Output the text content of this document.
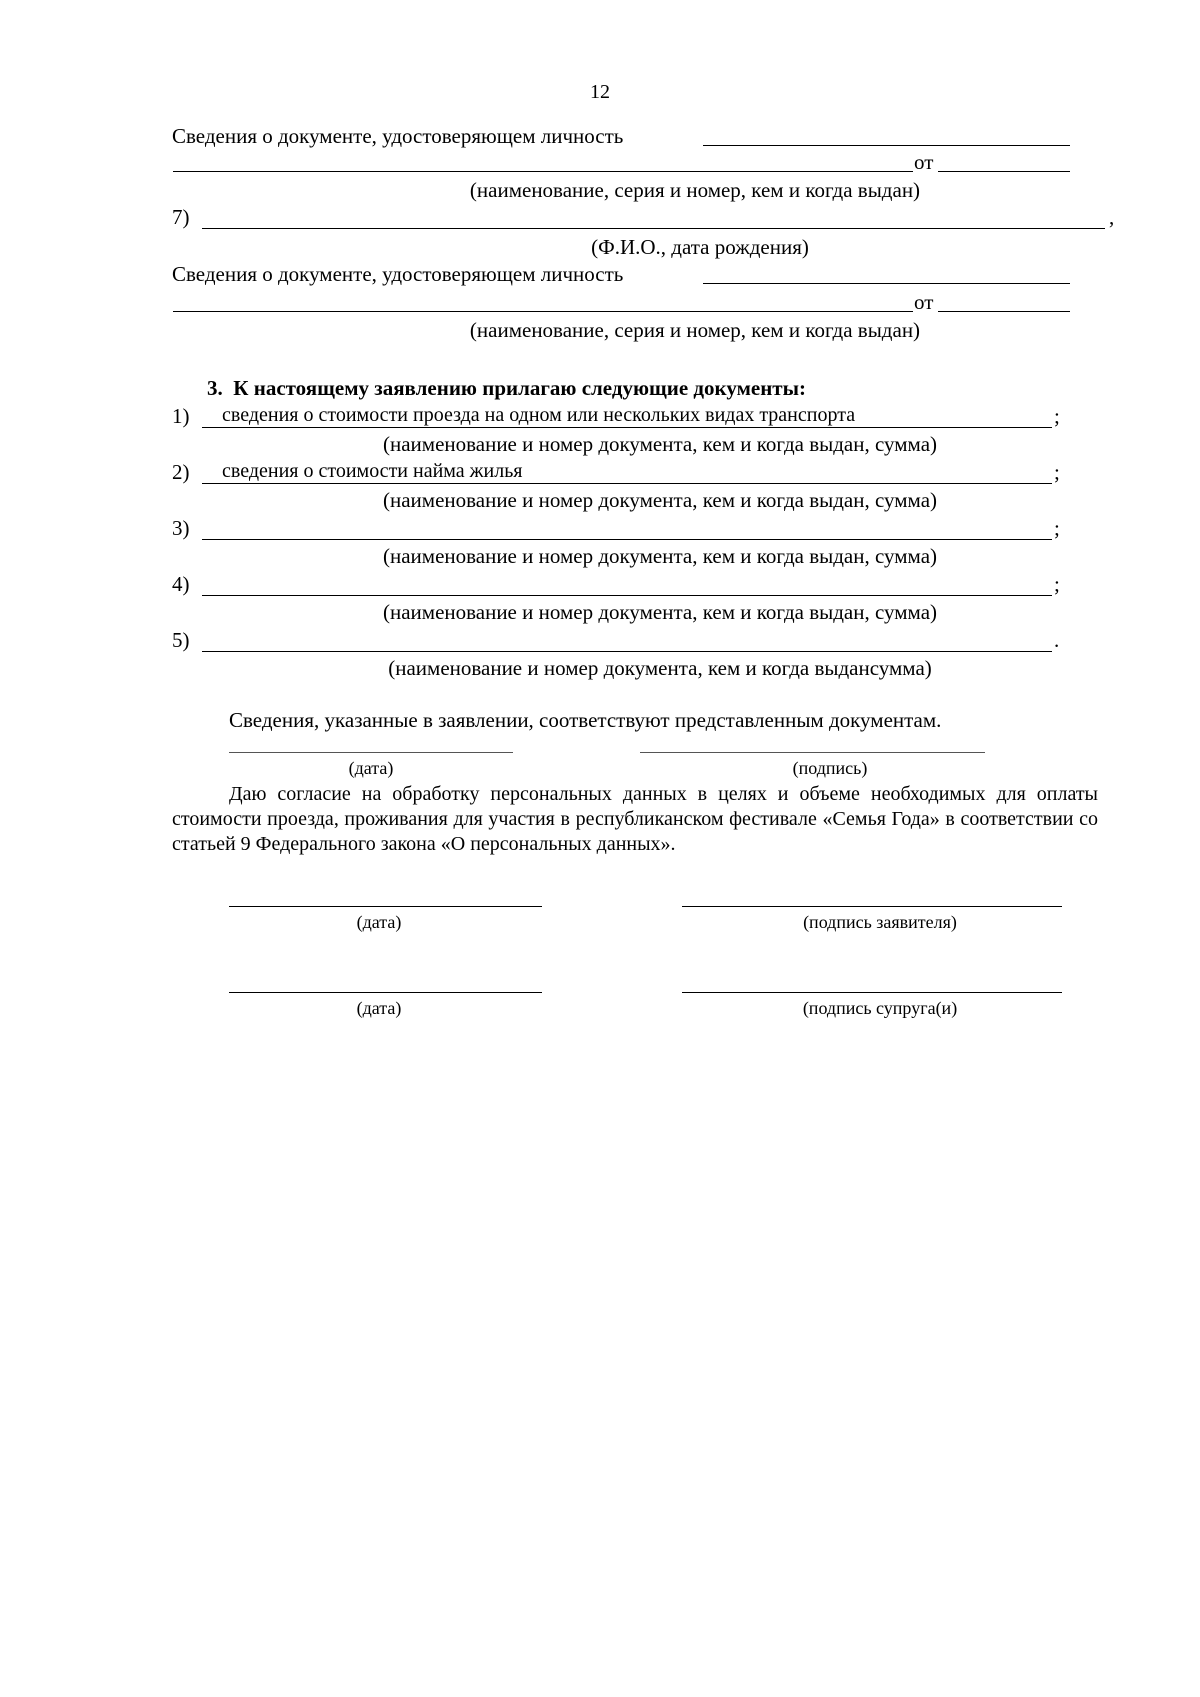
12
Сведения о документе, удостоверяющем личность
от
(наименование, серия и номер, кем и когда выдан)
7)	,
(Ф.И.О., дата рождения)
Сведения о документе, удостоверяющем личность
от
(наименование, серия и номер, кем и когда выдан)
3. К настоящему заявлению прилагаю следующие документы:
1) сведения о стоимости проезда на одном или нескольких видах транспорта	;
(наименование и номер документа, кем и когда выдан, сумма)
2) сведения о стоимости найма жилья	;
(наименование и номер документа, кем и когда выдан, сумма)
3)	;
(наименование и номер документа, кем и когда выдан, сумма)
4)	;
(наименование и номер документа, кем и когда выдан, сумма)
5)	.
(наименование и номер документа, кем и когда выдансумма)
Сведения, указанные в заявлении, соответствуют представленным документам.
(дата)	(подпись)
Даю согласие на обработку персональных данных в целях и объеме необходимых для оплаты стоимости проезда, проживания для участия в республиканском фестивале «Семья Года» в соответствии со статьей 9 Федерального закона «О персональных данных».
(дата)	(подпись заявителя)
(дата)	(подпись супруга(и)
